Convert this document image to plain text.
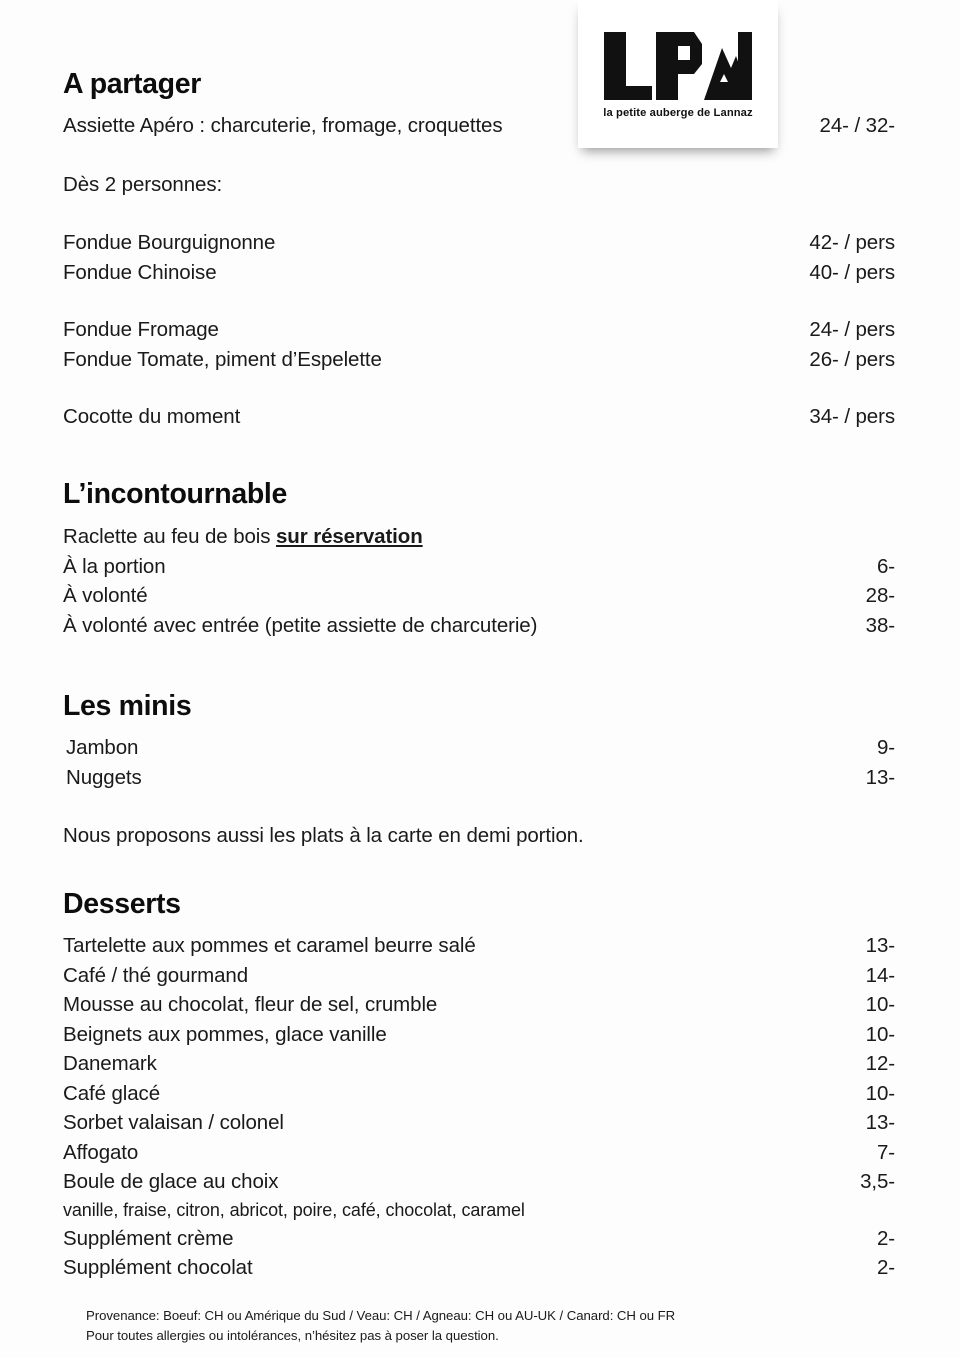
la petite auberge de Lannaz
A partager
Assiette Apéro : charcuterie, fromage, croquettes	24- / 32-
Dès 2 personnes:
Fondue Bourguignonne	42- / pers
Fondue Chinoise	40- / pers
Fondue Fromage	24- / pers
Fondue Tomate, piment d’Espelette	26- / pers
Cocotte du moment	34- / pers
L’incontournable
Raclette au feu de bois sur réservation
À la portion	6-
À volonté	28-
À volonté avec entrée (petite assiette de charcuterie)	38-
Les minis
Jambon	9-
Nuggets	13-
Nous proposons aussi les plats à la carte en demi portion.
Desserts
Tartelette aux pommes et caramel beurre salé	13-
Café / thé gourmand	14-
Mousse au chocolat, fleur de sel, crumble	10-
Beignets aux pommes, glace vanille	10-
Danemark	12-
Café glacé	10-
Sorbet valaisan / colonel	13-
Affogato	7-
Boule de glace au choix	3,5-
vanille, fraise, citron, abricot, poire, café, chocolat, caramel
Supplément crème	2-
Supplément chocolat	2-
Provenance: Boeuf: CH ou Amérique du Sud / Veau: CH / Agneau: CH ou AU-UK / Canard: CH ou FR
Pour toutes allergies ou intolérances, n’hésitez pas à poser la question.
